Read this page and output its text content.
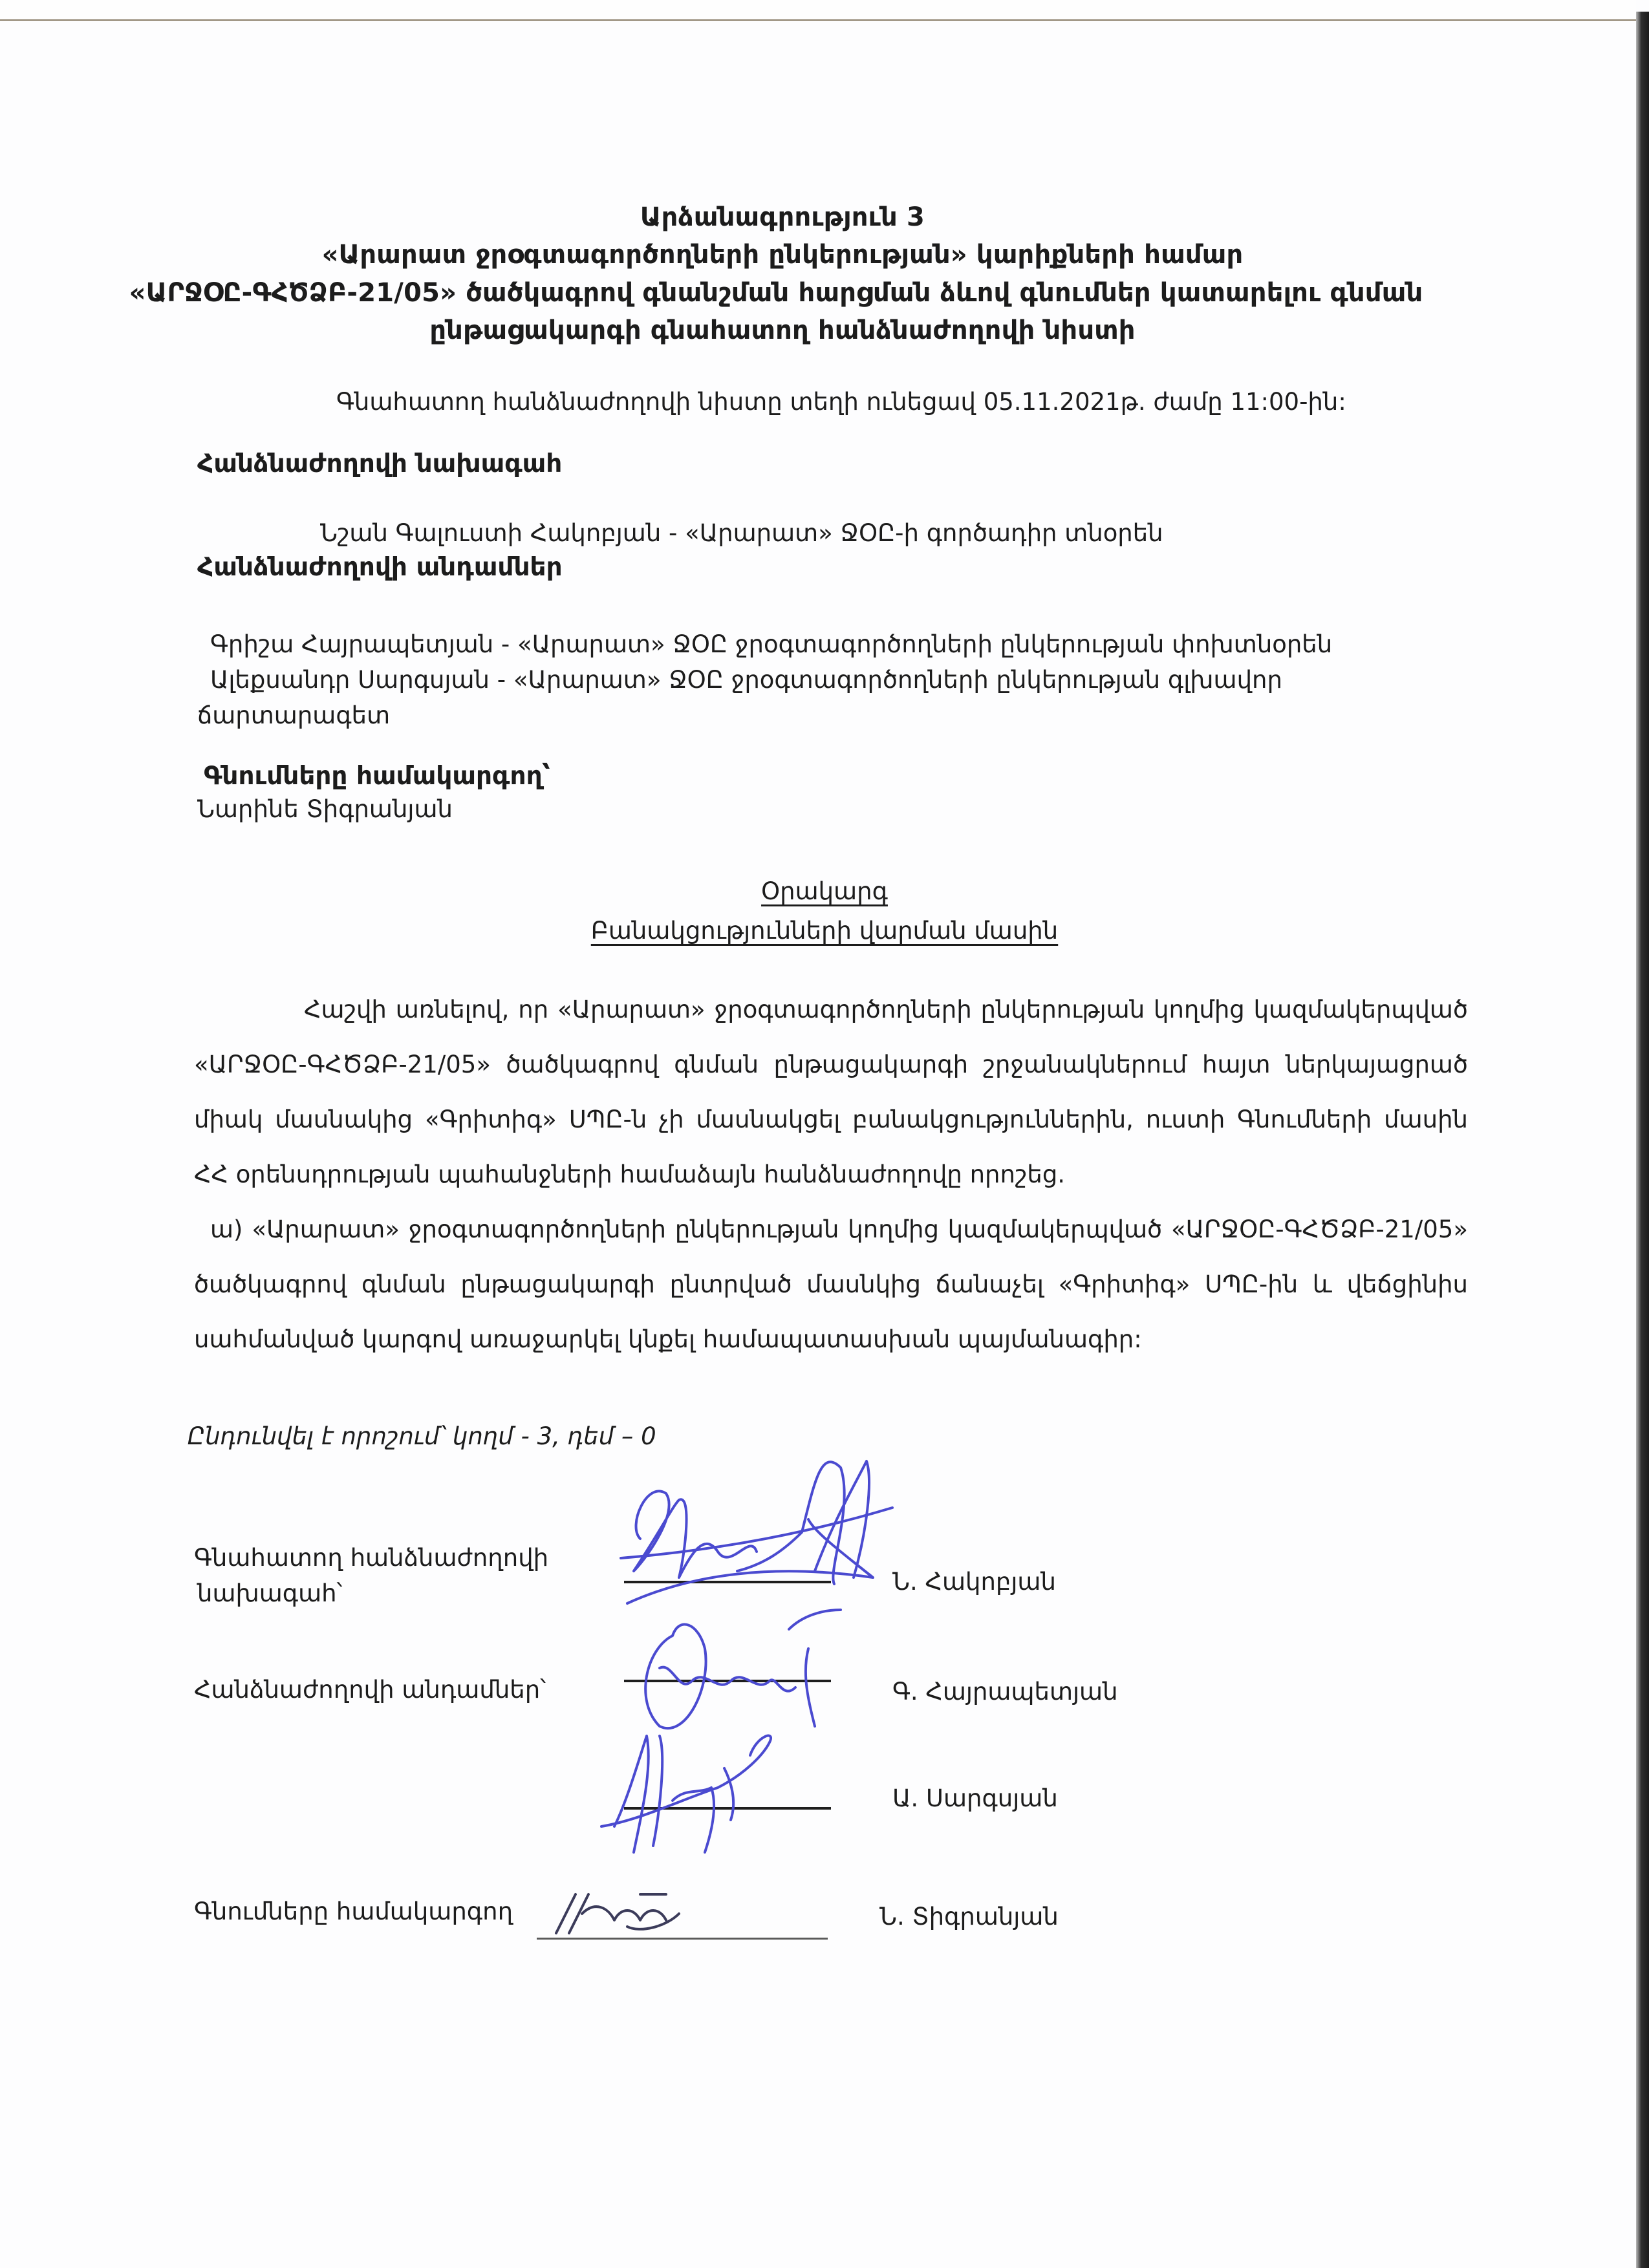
Արձանագրություն 3
«Արարատ ջրօգտագործողների ընկերության» կարիքների համար
«ԱՐՋՕԸ-ԳՀԾՁԲ-21/05» ծածկագրով գնանշման հարցման ձևով գնումներ կատարելու գնման
ընթացակարգի գնահատող հանձնաժողովի նիստի
Գնահատող հանձնաժողովի նիստը տեղի ունեցավ 05.11.2021թ. ժամը 11:00-ին:
Հանձնաժողովի նախագահ
Նշան Գալուստի Հակոբյան - «Արարատ» ՋՕԸ-ի գործադիր տնօրեն
Հանձնաժողովի անդամներ
Գրիշա Հայրապետյան - «Արարատ» ՋՕԸ ջրօգտագործողների ընկերության փոխտնօրեն
Ալեքսանդր Սարգսյան - «Արարատ» ՋՕԸ ջրօգտագործողների ընկերության գլխավոր
ճարտարագետ
Գնումները համակարգող՝
Նարինե Տիգրանյան
Օրակարգ
Բանակցությունների վարման մասին
Հաշվի առնելով, որ «Արարատ» ջրօգտագործողների ընկերության կողմից կազմակերպված
«ԱՐՋՕԸ-ԳՀԾՁԲ-21/05» ծածկագրով գնման ընթացակարգի շրջանակներում հայտ ներկայացրած
միակ մասնակից «Գրիտիգ» ՍՊԸ-ն չի մասնակցել բանակցություններին, ուստի Գնումների մասին
ՀՀ օրենսդրության պահանջների համաձայն հանձնաժողովը որոշեց.
ա) «Արարատ» ջրօգտագործողների ընկերության կողմից կազմակերպված «ԱՐՋՕԸ-ԳՀԾՁԲ-21/05»
ծածկագրով գնման ընթացակարգի ընտրված մասնկից ճանաչել «Գրիտիգ» ՍՊԸ-ին և վեճցինիս
սահմանված կարգով առաջարկել կնքել համապատասխան պայմանագիր:
Ընդունվել է որոշում՝ կողմ - 3, դեմ – 0
Գնահատող հանձնաժողովի
նախագահ՝	Ն. Հակոբյան
Հանձնաժողովի անդամներ՝	Գ. Հայրապետյան
Ա. Սարգսյան
Գնումները համակարգող	Ն. Տիգրանյան
